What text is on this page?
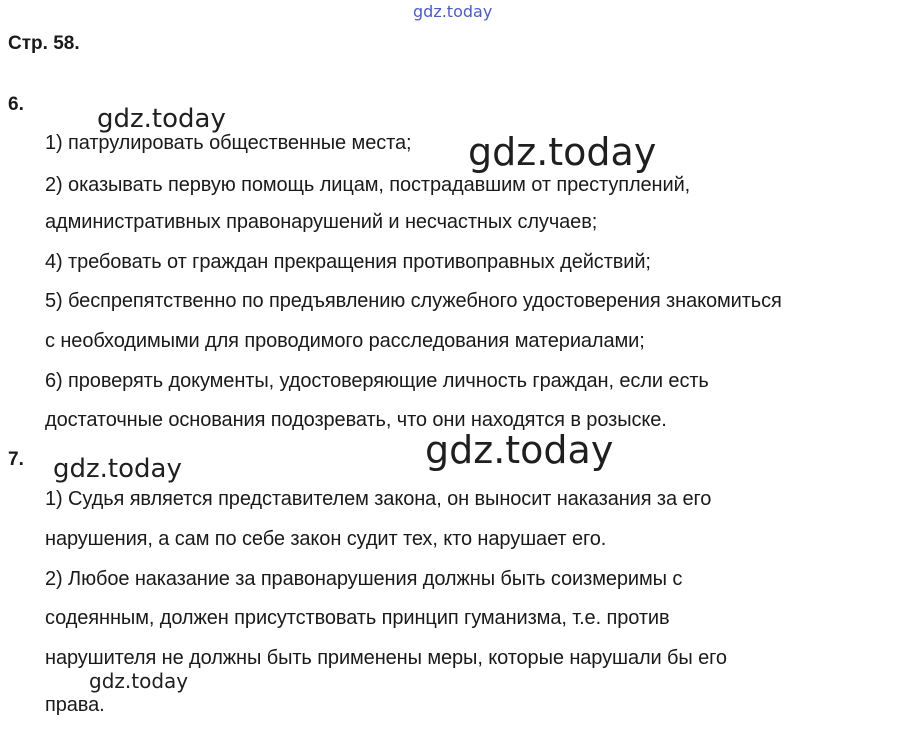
gdz.today
Стр. 58.
6.
1) патрулировать общественные места;
2) оказывать первую помощь лицам, пострадавшим от преступлений,
административных правонарушений и несчастных случаев;
4) требовать от граждан прекращения противоправных действий;
5) беспрепятственно по предъявлению служебного удостоверения знакомиться
с необходимыми для проводимого расследования материалами;
6) проверять документы, удостоверяющие личность граждан, если есть
достаточные основания подозревать, что они находятся в розыске.
7.
1) Судья является представителем закона, он выносит наказания за его
нарушения, а сам по себе закон судит тех, кто нарушает его.
2) Любое наказание за правонарушения должны быть соизмеримы с
содеянным, должен присутствовать принцип гуманизма, т.е. против
нарушителя не должны быть применены меры, которые нарушали бы его
права.
gdz.today
gdz.today
gdz.today
gdz.today
gdz.today
